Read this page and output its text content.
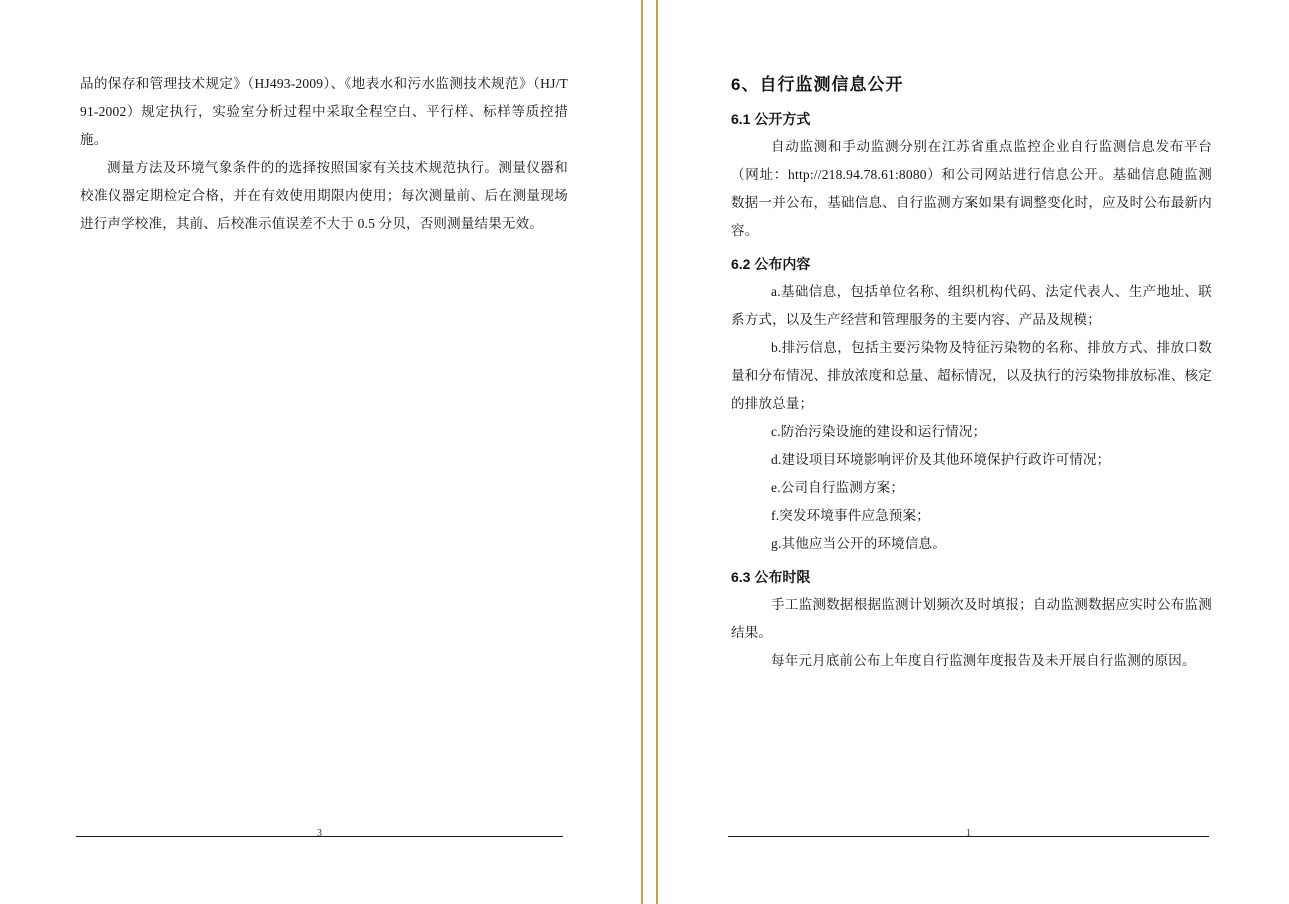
品的保存和管理技术规定》（HJ493-2009）、《地表水和污水监测技术规范》（HJ/T 91-2002）规定执行，实验室分析过程中采取全程空白、平行样、标样等质控措施。

测量方法及环境气象条件的的选择按照国家有关技术规范执行。测量仪器和校准仪器定期检定合格，并在有效使用期限内使用；每次测量前、后在测量现场进行声学校准，其前、后校准示值误差不大于 0.5 分贝，否则测量结果无效。

3
6、自行监测信息公开
6.1 公开方式

自动监测和手动监测分别在江苏省重点监控企业自行监测信息发布平台（网址：http://218.94.78.61:8080）和公司网站进行信息公开。基础信息随监测数据一并公布，基础信息、自行监测方案如果有调整变化时，应及时公布最新内容。

6.2 公布内容

a.基础信息，包括单位名称、组织机构代码、法定代表人、生产地址、联系方式，以及生产经营和管理服务的主要内容、产品及规模；

b.排污信息，包括主要污染物及特征污染物的名称、排放方式、排放口数量和分布情况、排放浓度和总量、超标情况，以及执行的污染物排放标准、核定的排放总量；

c.防治污染设施的建设和运行情况；

d.建设项目环境影响评价及其他环境保护行政许可情况；

e.公司自行监测方案；

f.突发环境事件应急预案；

g.其他应当公开的环境信息。

6.3 公布时限

手工监测数据根据监测计划频次及时填报；自动监测数据应实时公布监测结果。

每年元月底前公布上年度自行监测年度报告及未开展自行监测的原因。

1
